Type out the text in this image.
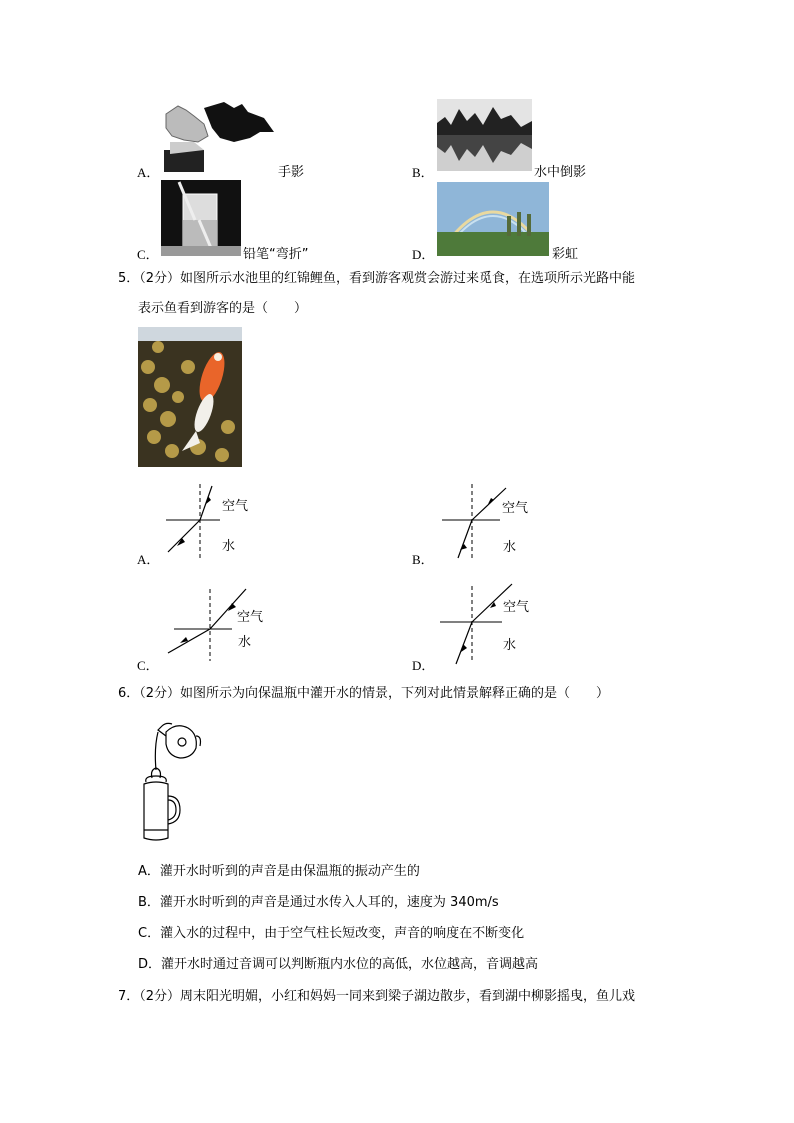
A．	手影	B．	水中倒影
C．	铅笔“弯折”	D．	彩虹
5．（2分）如图所示水池里的红锦鲤鱼，看到游客观赏会游过来觅食，在选项所示光路中能
表示鱼看到游客的是（　　）
空气
水
A．
空气
水
B．
空气
水
C．
空气
水
D．
6．（2分）如图所示为向保温瓶中灌开水的情景，下列对此情景解释正确的是（　　）
A．灌开水时听到的声音是由保温瓶的振动产生的
B．灌开水时听到的声音是通过水传入人耳的，速度为 340m/s
C．灌入水的过程中，由于空气柱长短改变，声音的响度在不断变化
D．灌开水时通过音调可以判断瓶内水位的高低，水位越高，音调越高
7．（2分）周末阳光明媚，小红和妈妈一同来到梁子湖边散步，看到湖中柳影摇曳，鱼儿戏
